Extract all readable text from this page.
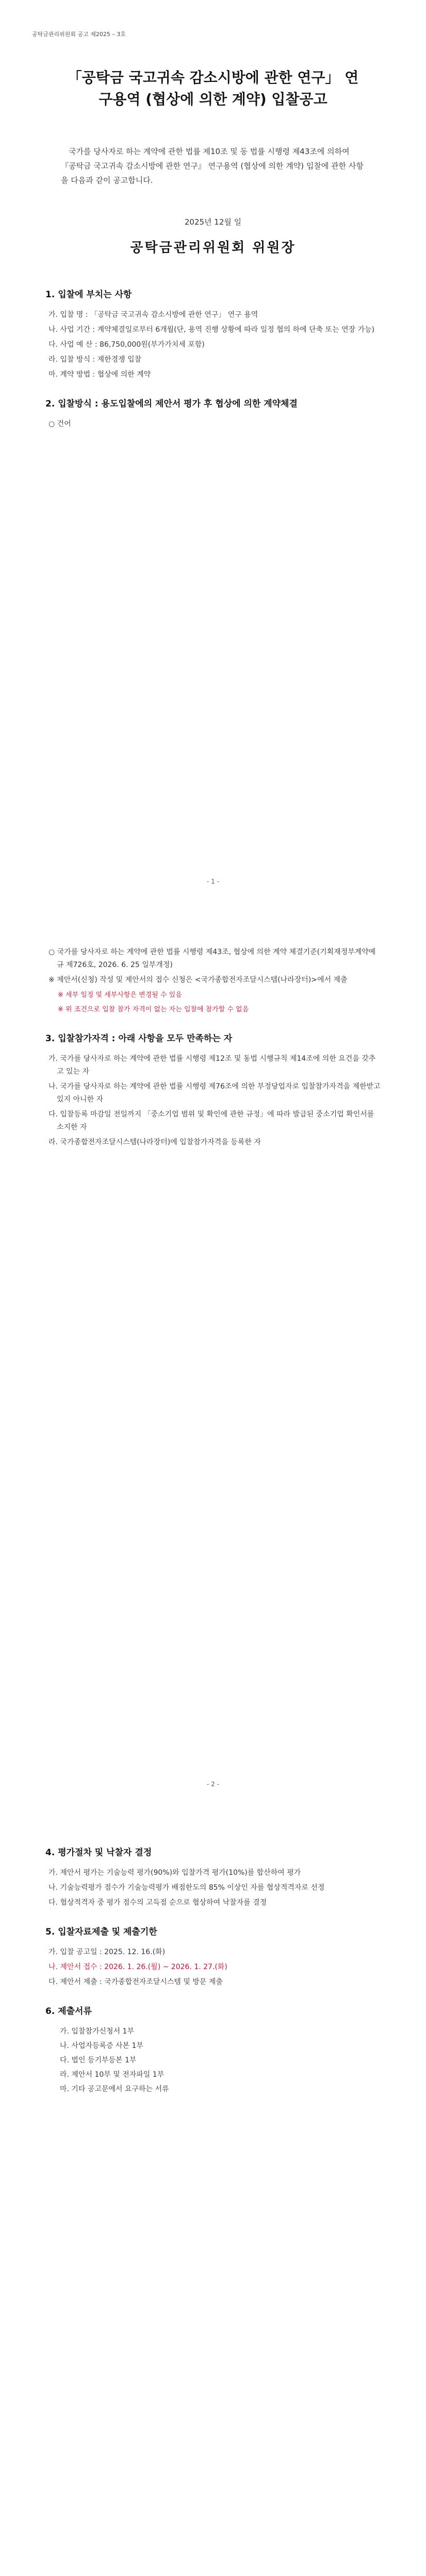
공탁금관리위원회 공고 제2025 – 3호
「공탁금 국고귀속 감소시방에 관한 연구」 연구용역 (협상에 의한 계약) 입찰공고
국가를 당사자로 하는 계약에 관한 법률 제10조 및 동 법률 시행령 제43조에 의하여 『공탁금 국고귀속 감소시방에 관한 연구』 연구용역 (협상에 의한 계약) 입찰에 관한 사항을 다음과 같이 공고합니다.
2025년 12월 일
공탁금관리위원회 위원장
1. 입찰에 부치는 사항
가. 입찰 명 : 「공탁금 국고귀속 감소시방에 관한 연구」 연구 용역
나. 사업 기간 : 계약체결일로부터 6개월(단, 용역 진행 상황에 따라 일정 협의 하에 단축 또는 연장 가능)
다. 사업 예 산 : 86,750,000원(부가가치세 포함)
라. 입찰 방식 : 제한경쟁 입찰
마. 계약 방법 : 협상에 의한 계약
2. 입찰방식 : 용도입찰에의 제안서 평가 후 협상에 의한 계약체결
○ 건어
- 1 -
○ 국가를 당사자로 하는 계약에 관한 법률 시행령 제43조, 협상에 의한 계약 체결기준(기획재정부계약예규 제726호, 2026. 6. 25 일부개정)
※ 제안서(신청) 작성 및 제안서의 접수 신청은 <국가종합전자조달시스템(나라장터)>에서 제출
※ 세부 일정 및 세부사항은 변경될 수 있음
※ 위 조건으로 입찰 참가 자격이 없는 자는 입찰에 참가할 수 없음
3. 입찰참가자격 : 아래 사항을 모두 만족하는 자
가. 국가를 당사자로 하는 계약에 관한 법률 시행령 제12조 및 동법 시행규칙 제14조에 의한 요건을 갖추고 있는 자
나. 국가를 당사자로 하는 계약에 관한 법률 시행령 제76조에 의한 부정당업자로 입찰참가자격을 제한받고 있지 아니한 자
다. 입찰등록 마감일 전일까지 「중소기업 범위 및 확인에 관한 규정」에 따라 발급된 중소기업 확인서를 소지한 자
라. 국가종합전자조달시스템(나라장터)에 입찰참가자격을 등록한 자
- 2 -
4. 평가절차 및 낙찰자 결정
가. 제안서 평가는 기술능력 평가(90%)와 입찰가격 평가(10%)를 합산하여 평가
나. 기술능력평가 점수가 기술능력평가 배점한도의 85% 이상인 자를 협상적격자로 선정
다. 협상적격자 중 평가 점수의 고득점 순으로 협상하여 낙찰자를 결정
5. 입찰자료제출 및 제출기한
가. 입찰 공고일 : 2025. 12. 16.(화)
나. 제안서 접수 : 2026. 1. 26.(월) ~ 2026. 1. 27.(화)
다. 제안서 제출 : 국가종합전자조달시스템 및 방문 제출
6. 제출서류
가. 입찰참가신청서 1부
나. 사업자등록증 사본 1부
다. 법인 등기부등본 1부
라. 제안서 10부 및 전자파일 1부
마. 기타 공고문에서 요구하는 서류
